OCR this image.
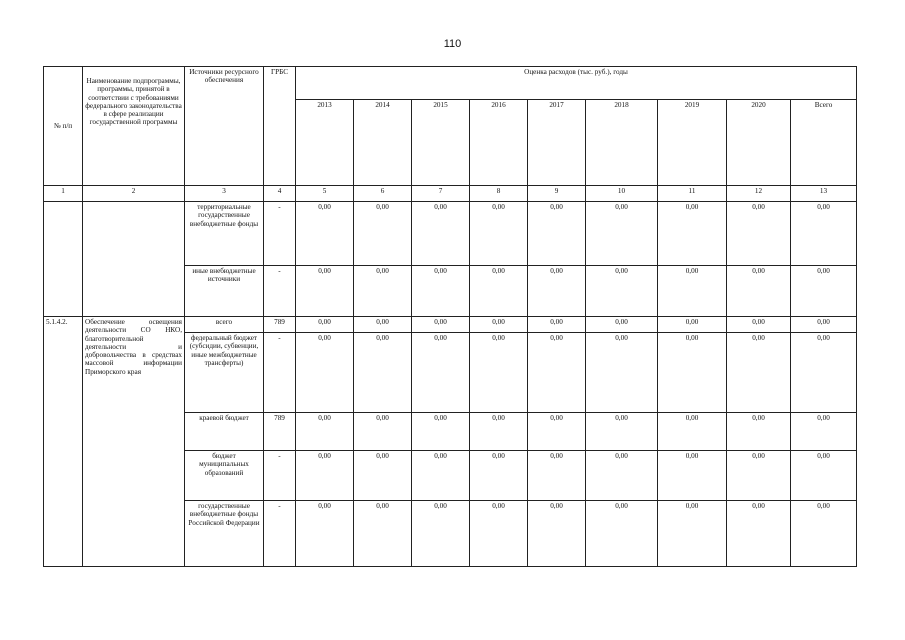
110
№ п/п	Наименование подпрограммы, программы, принятой в соответствии с требованиями федерального законодательства в сфере реализации государственной программы	Источники ресурсного обеспечения	ГРБС	Оценка расходов (тыс. руб.), годы								
				2013	2014	2015	2016	2017	2018	2019	2020	Всего
1	2	3	4	5	6	7	8	9	10	11	12	13
		территориальные государственные внебюджетные фонды	-	0,00	0,00	0,00	0,00	0,00	0,00	0,00	0,00	0,00
		иные внебюджетные источники	-	0,00	0,00	0,00	0,00	0,00	0,00	0,00	0,00	0,00
5.1.4.2.	Обеспечение освещения деятельности СО НКО, благотворительной деятельности и добровольчества в средствах массовой информации Приморского края	всего	789	0,00	0,00	0,00	0,00	0,00	0,00	0,00	0,00	0,00
		федеральный бюджет (субсидии, субвенции, иные межбюджетные трансферты)	-	0,00	0,00	0,00	0,00	0,00	0,00	0,00	0,00	0,00
		краевой бюджет	789	0,00	0,00	0,00	0,00	0,00	0,00	0,00	0,00	0,00
		бюджет муниципальных образований	-	0,00	0,00	0,00	0,00	0,00	0,00	0,00	0,00	0,00
		государственные внебюджетные фонды Российской Федерации	-	0,00	0,00	0,00	0,00	0,00	0,00	0,00	0,00	0,00
